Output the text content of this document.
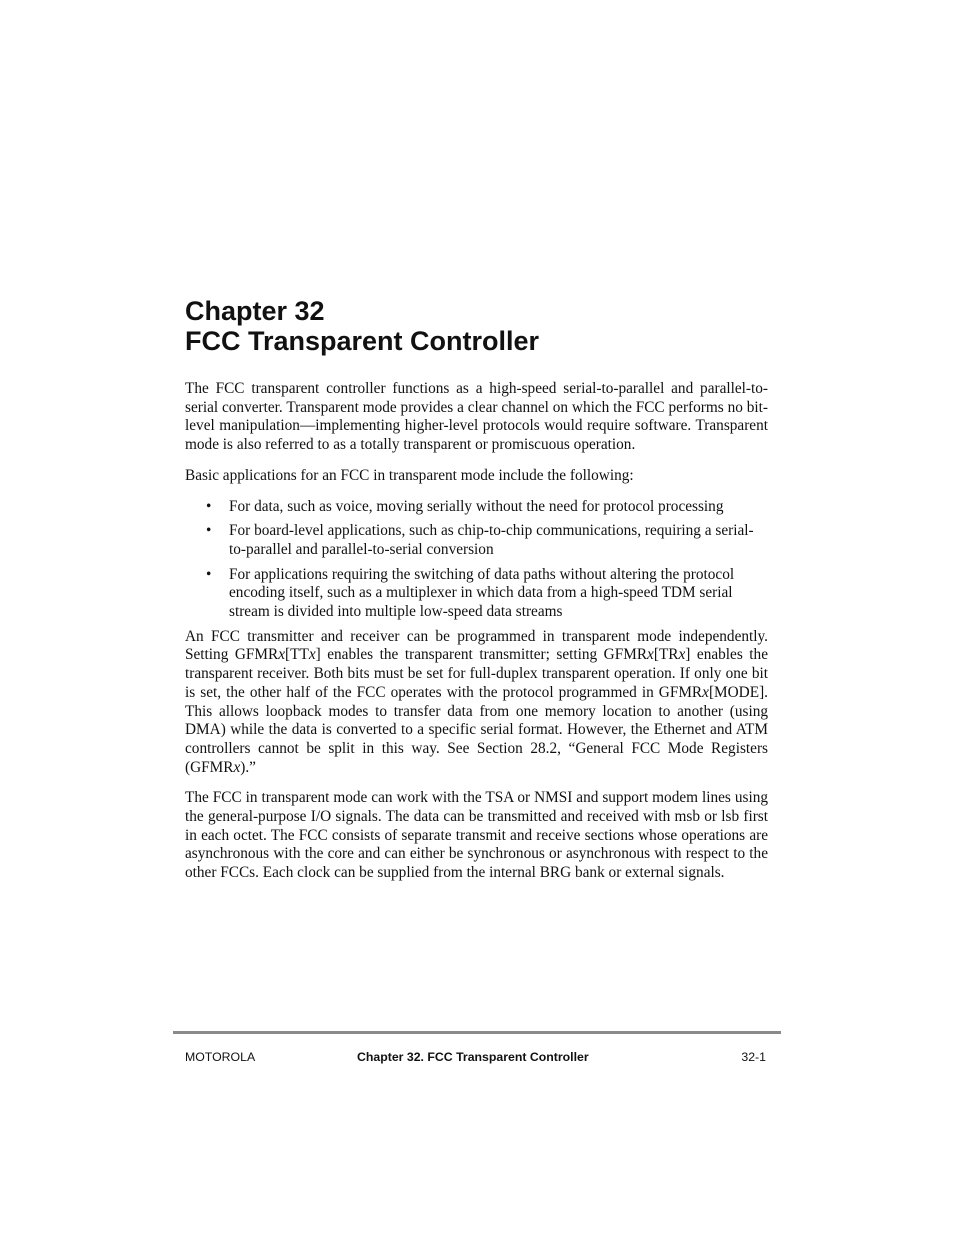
Chapter 32
FCC Transparent Controller

The FCC transparent controller functions as a high-speed serial-to-parallel and parallel-to-serial converter. Transparent mode provides a clear channel on which the FCC performs no bit-level manipulation—implementing higher-level protocols would require software. Transparent mode is also referred to as a totally transparent or promiscuous operation.

Basic applications for an FCC in transparent mode include the following:

• For data, such as voice, moving serially without the need for protocol processing
• For board-level applications, such as chip-to-chip communications, requiring a serial-to-parallel and parallel-to-serial conversion
• For applications requiring the switching of data paths without altering the protocol encoding itself, such as a multiplexer in which data from a high-speed TDM serial stream is divided into multiple low-speed data streams

An FCC transmitter and receiver can be programmed in transparent mode independently. Setting GFMRx[TTx] enables the transparent transmitter; setting GFMRx[TRx] enables the transparent receiver. Both bits must be set for full-duplex transparent operation. If only one bit is set, the other half of the FCC operates with the protocol programmed in GFMRx[MODE]. This allows loopback modes to transfer data from one memory location to another (using DMA) while the data is converted to a specific serial format. However, the Ethernet and ATM controllers cannot be split in this way. See Section 28.2, “General FCC Mode Registers (GFMRx).”

The FCC in transparent mode can work with the TSA or NMSI and support modem lines using the general-purpose I/O signals. The data can be transmitted and received with msb or lsb first in each octet. The FCC consists of separate transmit and receive sections whose operations are asynchronous with the core and can either be synchronous or asynchronous with respect to the other FCCs. Each clock can be supplied from the internal BRG bank or external signals.

MOTOROLA	Chapter 32. FCC Transparent Controller	32-1
